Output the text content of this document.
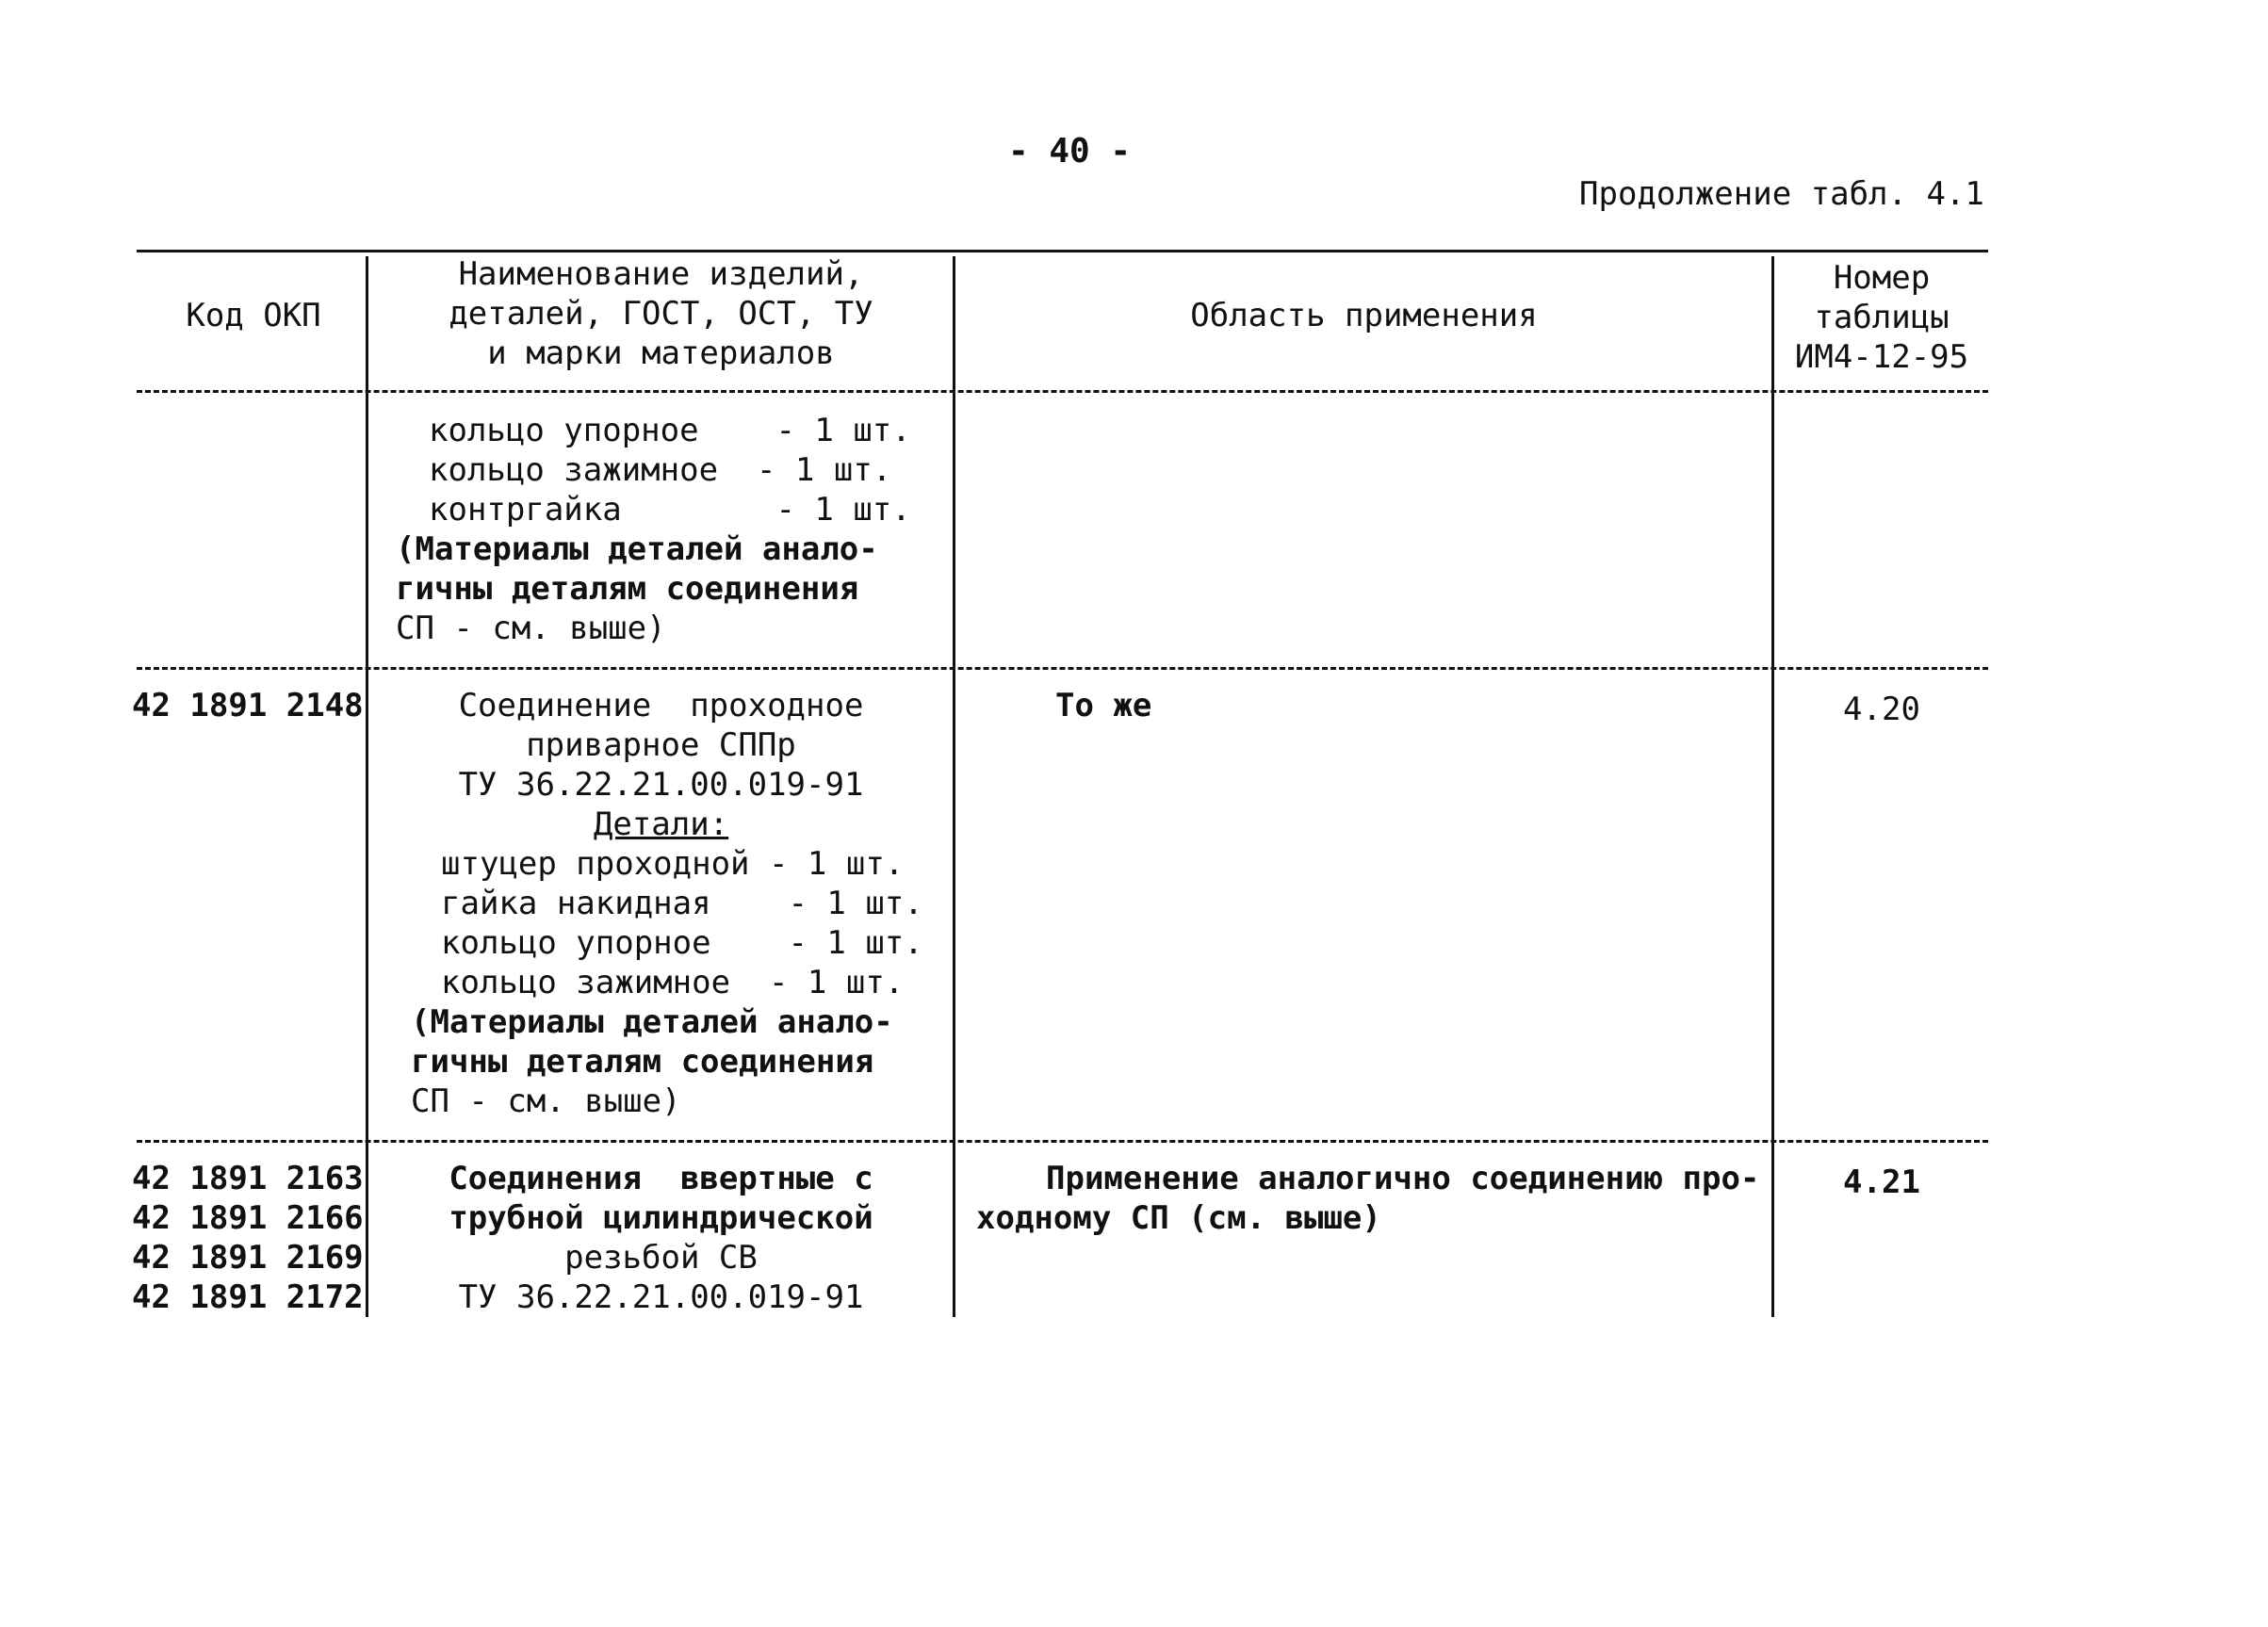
- 40 -
Продолжение табл. 4.1
Код ОКП
Наименование изделий,
деталей, ГОСТ, ОСТ, ТУ
и марки материалов
Область применения
Номер
таблицы
ИМ4-12-95
кольцо упорное    - 1 шт.
кольцо зажимное  - 1 шт.
контргайка        - 1 шт.
(Материалы деталей анало-
гичны деталям соединения
СП - см. выше)
42 1891 2148	Соединение  проходное
приварное СППр
ТУ 36.22.21.00.019-91
Детали:
штуцер проходной - 1 шт.
гайка накидная    - 1 шт.
кольцо упорное    - 1 шт.
кольцо зажимное  - 1 шт.
(Материалы деталей анало-
гичны деталям соединения
СП - см. выше)
То же	4.20
42 1891 2163
42 1891 2166
42 1891 2169
42 1891 2172
Соединения  ввертные с
трубной цилиндрической
резьбой СВ
ТУ 36.22.21.00.019-91
Применение аналогично соединению про-
ходному СП (см. выше)
4.21
